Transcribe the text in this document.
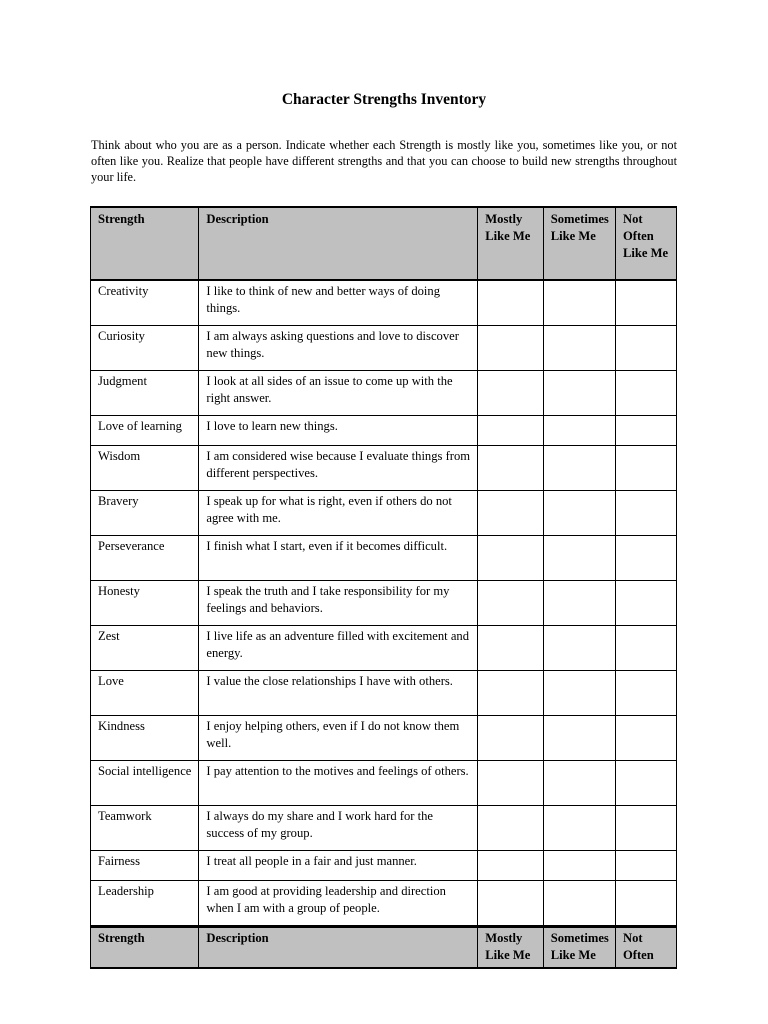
Character Strengths Inventory

Think about who you are as a person. Indicate whether each Strength is mostly like you, sometimes like you, or not often like you. Realize that people have different strengths and that you can choose to build new strengths throughout your life.

Strength	Description	Mostly Like Me	Sometimes Like Me	Not Often Like Me
Creativity	I like to think of new and better ways of doing things.			
Curiosity	I am always asking questions and love to discover new things.			
Judgment	I look at all sides of an issue to come up with the right answer.			
Love of learning	I love to learn new things.			
Wisdom	I am considered wise because I evaluate things from different perspectives.			
Bravery	I speak up for what is right, even if others do not agree with me.			
Perseverance	I finish what I start, even if it becomes difficult.			
Honesty	I speak the truth and I take responsibility for my feelings and behaviors.			
Zest	I live life as an adventure filled with excitement and energy.			
Love	I value the close relationships I have with others.			
Kindness	I enjoy helping others, even if I do not know them well.			
Social intelligence	I pay attention to the motives and feelings of others.			
Teamwork	I always do my share and I work hard for the success of my group.			
Fairness	I treat all people in a fair and just manner.			
Leadership	I am good at providing leadership and direction when I am with a group of people.			

Strength	Description	Mostly Like Me	Sometimes Like Me	Not Often
